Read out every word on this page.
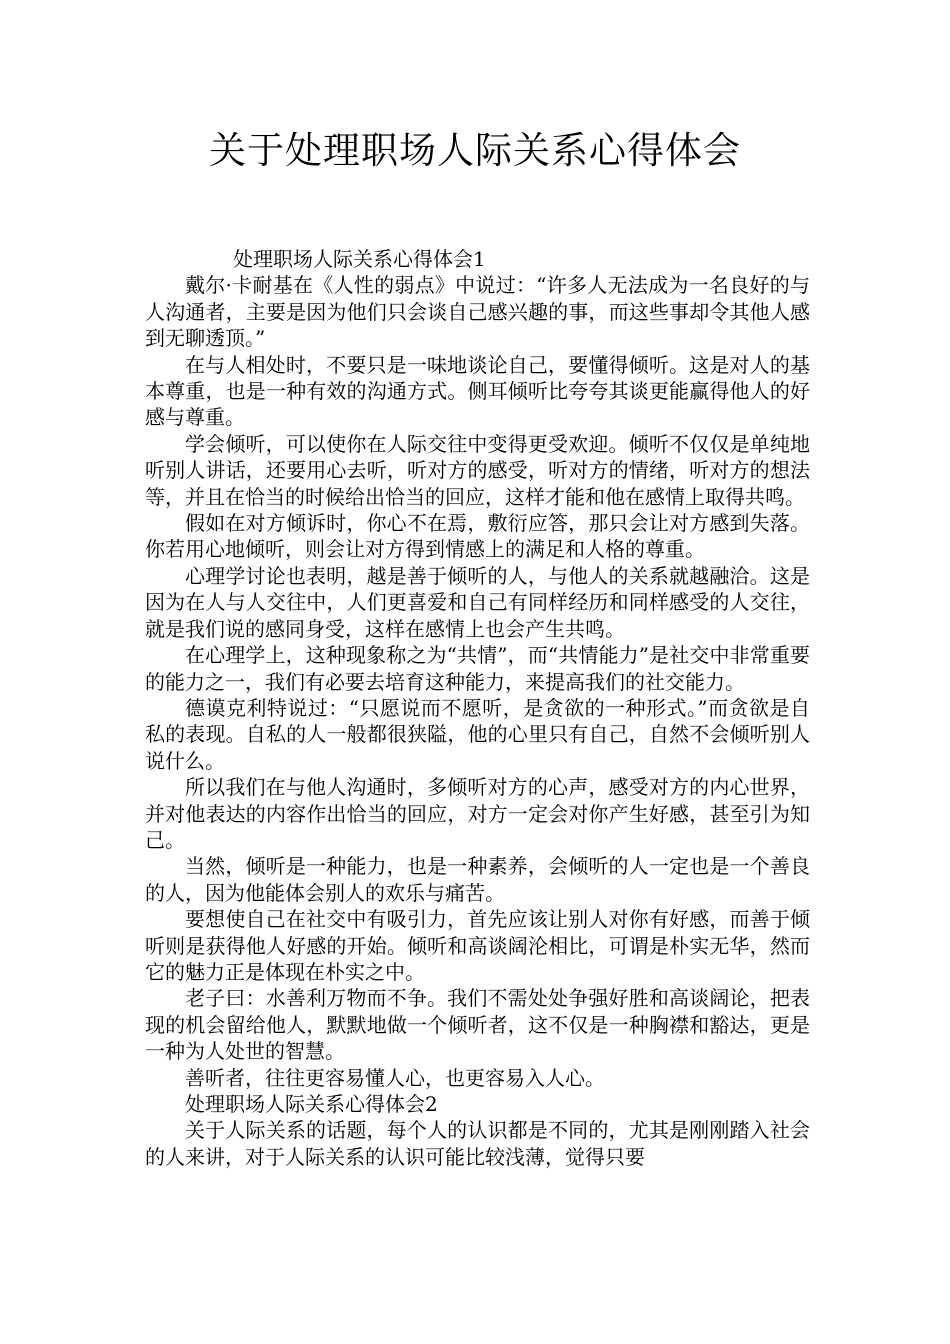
关于处理职场人际关系心得体会

处理职场人际关系心得体会1

戴尔·卡耐基在《人性的弱点》中说过：“许多人无法成为一名良好的与人沟通者，主要是因为他们只会谈自己感兴趣的事，而这些事却令其他人感到无聊透顶。”

在与人相处时，不要只是一味地谈论自己，要懂得倾听。这是对人的基本尊重，也是一种有效的沟通方式。侧耳倾听比夸夸其谈更能赢得他人的好感与尊重。

学会倾听，可以使你在人际交往中变得更受欢迎。倾听不仅仅是单纯地听别人讲话，还要用心去听，听对方的感受，听对方的情绪，听对方的想法等，并且在恰当的时候给出恰当的回应，这样才能和他在感情上取得共鸣。

假如在对方倾诉时，你心不在焉，敷衍应答，那只会让对方感到失落。你若用心地倾听，则会让对方得到情感上的满足和人格的尊重。

心理学讨论也表明，越是善于倾听的人，与他人的关系就越融洽。这是因为在人与人交往中，人们更喜爱和自己有同样经历和同样感受的人交往，就是我们说的感同身受，这样在感情上也会产生共鸣。

在心理学上，这种现象称之为“共情”，而“共情能力”是社交中非常重要的能力之一，我们有必要去培育这种能力，来提高我们的社交能力。

德谟克利特说过：“只愿说而不愿听，是贪欲的一种形式。”而贪欲是自私的表现。自私的人一般都很狭隘，他的心里只有自己，自然不会倾听别人说什么。

所以我们在与他人沟通时，多倾听对方的心声，感受对方的内心世界，并对他表达的内容作出恰当的回应，对方一定会对你产生好感，甚至引为知己。

当然，倾听是一种能力，也是一种素养，会倾听的人一定也是一个善良的人，因为他能体会别人的欢乐与痛苦。

要想使自己在社交中有吸引力，首先应该让别人对你有好感，而善于倾听则是获得他人好感的开始。倾听和高谈阔沦相比，可谓是朴实无华，然而它的魅力正是体现在朴实之中。

老子曰：水善利万物而不争。我们不需处处争强好胜和高谈阔论，把表现的机会留给他人，默默地做一个倾听者，这不仅是一种胸襟和豁达，更是一种为人处世的智慧。

善听者，往往更容易懂人心，也更容易入人心。

处理职场人际关系心得体会2

关于人际关系的话题，每个人的认识都是不同的，尤其是刚刚踏入社会的人来讲，对于人际关系的认识可能比较浅薄，觉得只要
